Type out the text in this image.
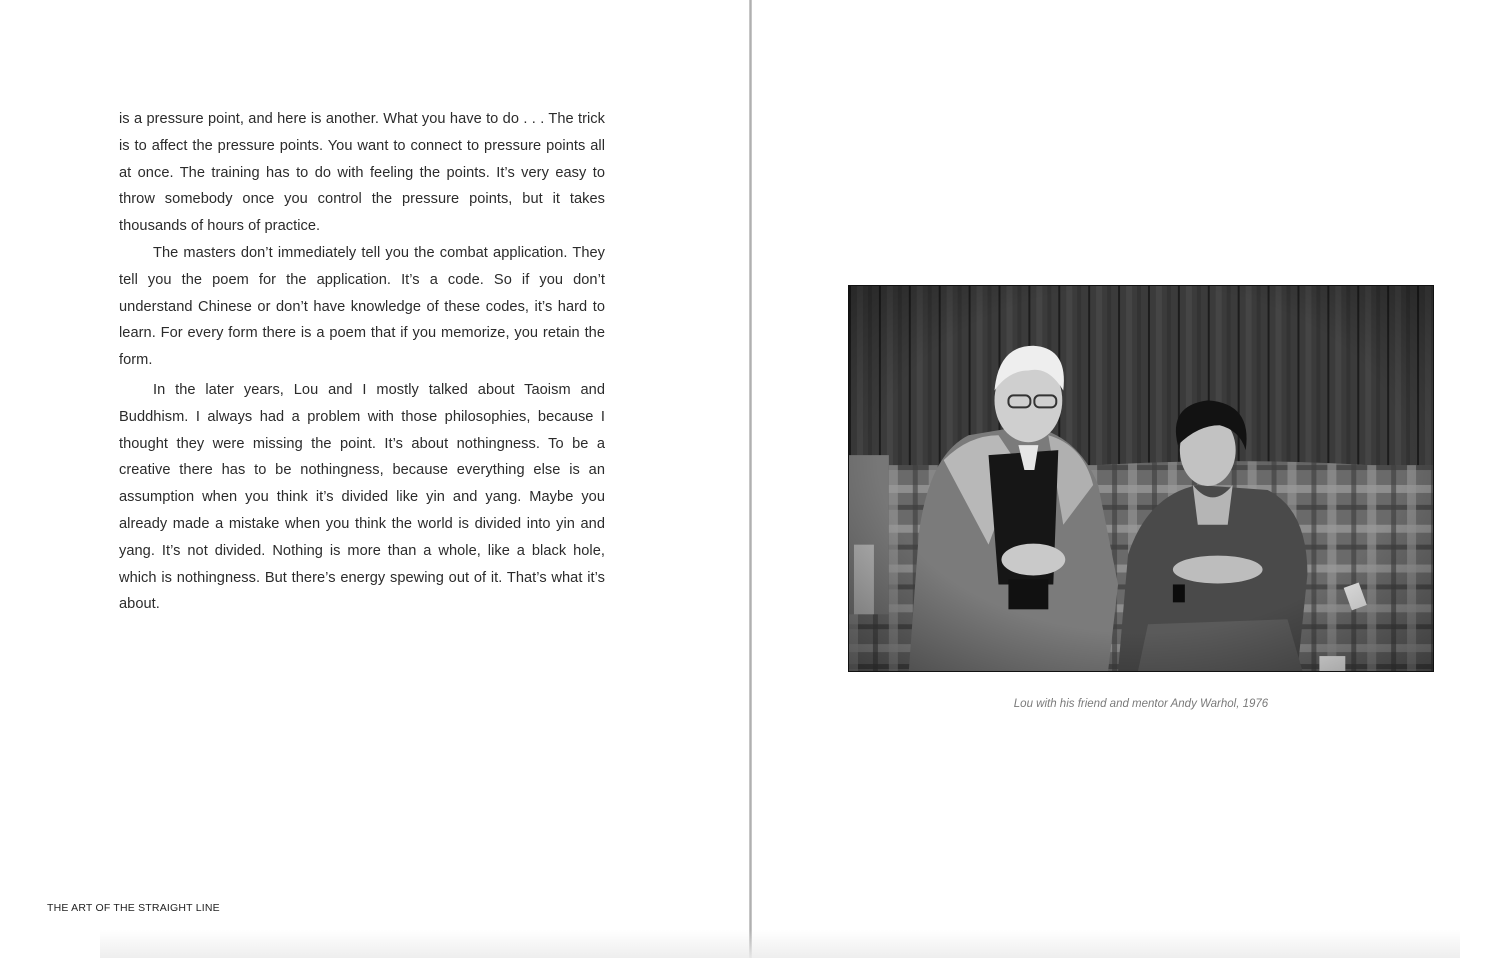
is a pressure point, and here is another. What you have to do . . . The trick is to affect the pressure points. You want to connect to pressure points all at once. The training has to do with feeling the points. It’s very easy to throw somebody once you control the pressure points, but it takes thousands of hours of practice.

The masters don’t immediately tell you the combat application. They tell you the poem for the application. It’s a code. So if you don’t understand Chinese or don’t have knowledge of these codes, it’s hard to learn. For every form there is a poem that if you memorize, you retain the form.

In the later years, Lou and I mostly talked about Taoism and Buddhism. I always had a problem with those philosophies, because I thought they were missing the point. It’s about nothingness. To be a creative there has to be nothingness, because everything else is an assumption when you think it’s divided like yin and yang. Maybe you already made a mistake when you think the world is divided into yin and yang. It’s not divided. Nothing is more than a whole, like a black hole, which is nothingness. But there’s energy spewing out of it. That’s what it’s about.

THE ART OF THE STRAIGHT LINE
Lou with his friend and mentor Andy Warhol, 1976
